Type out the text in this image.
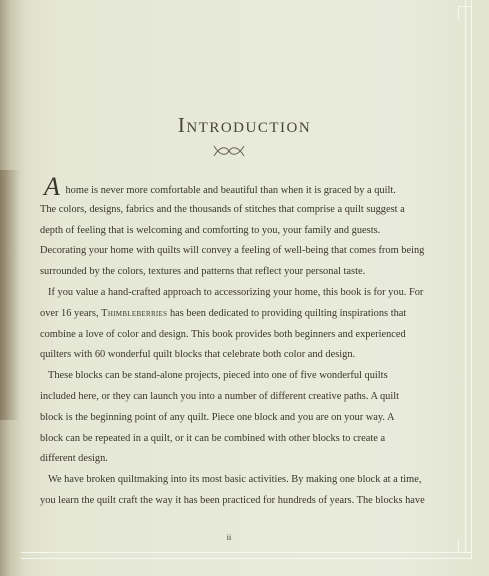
Introduction
A home is never more comfortable and beautiful than when it is graced by a quilt.
The colors, designs, fabrics and the thousands of stitches that comprise a quilt suggest a
depth of feeling that is welcoming and comforting to you, your family and guests.
Decorating your home with quilts will convey a feeling of well-being that comes from being
surrounded by the colors, textures and patterns that reflect your personal taste.
If you value a hand-crafted approach to accessorizing your home, this book is for you. For
over 16 years, Thimbleberries has been dedicated to providing quilting inspirations that
combine a love of color and design. This book provides both beginners and experienced
quilters with 60 wonderful quilt blocks that celebrate both color and design.
These blocks can be stand-alone projects, pieced into one of five wonderful quilts
included here, or they can launch you into a number of different creative paths. A quilt
block is the beginning point of any quilt. Piece one block and you are on your way. A
block can be repeated in a quilt, or it can be combined with other blocks to create a
different design.
We have broken quiltmaking into its most basic activities. By making one block at a time,
you learn the quilt craft the way it has been practiced for hundreds of years. The blocks have
ii
